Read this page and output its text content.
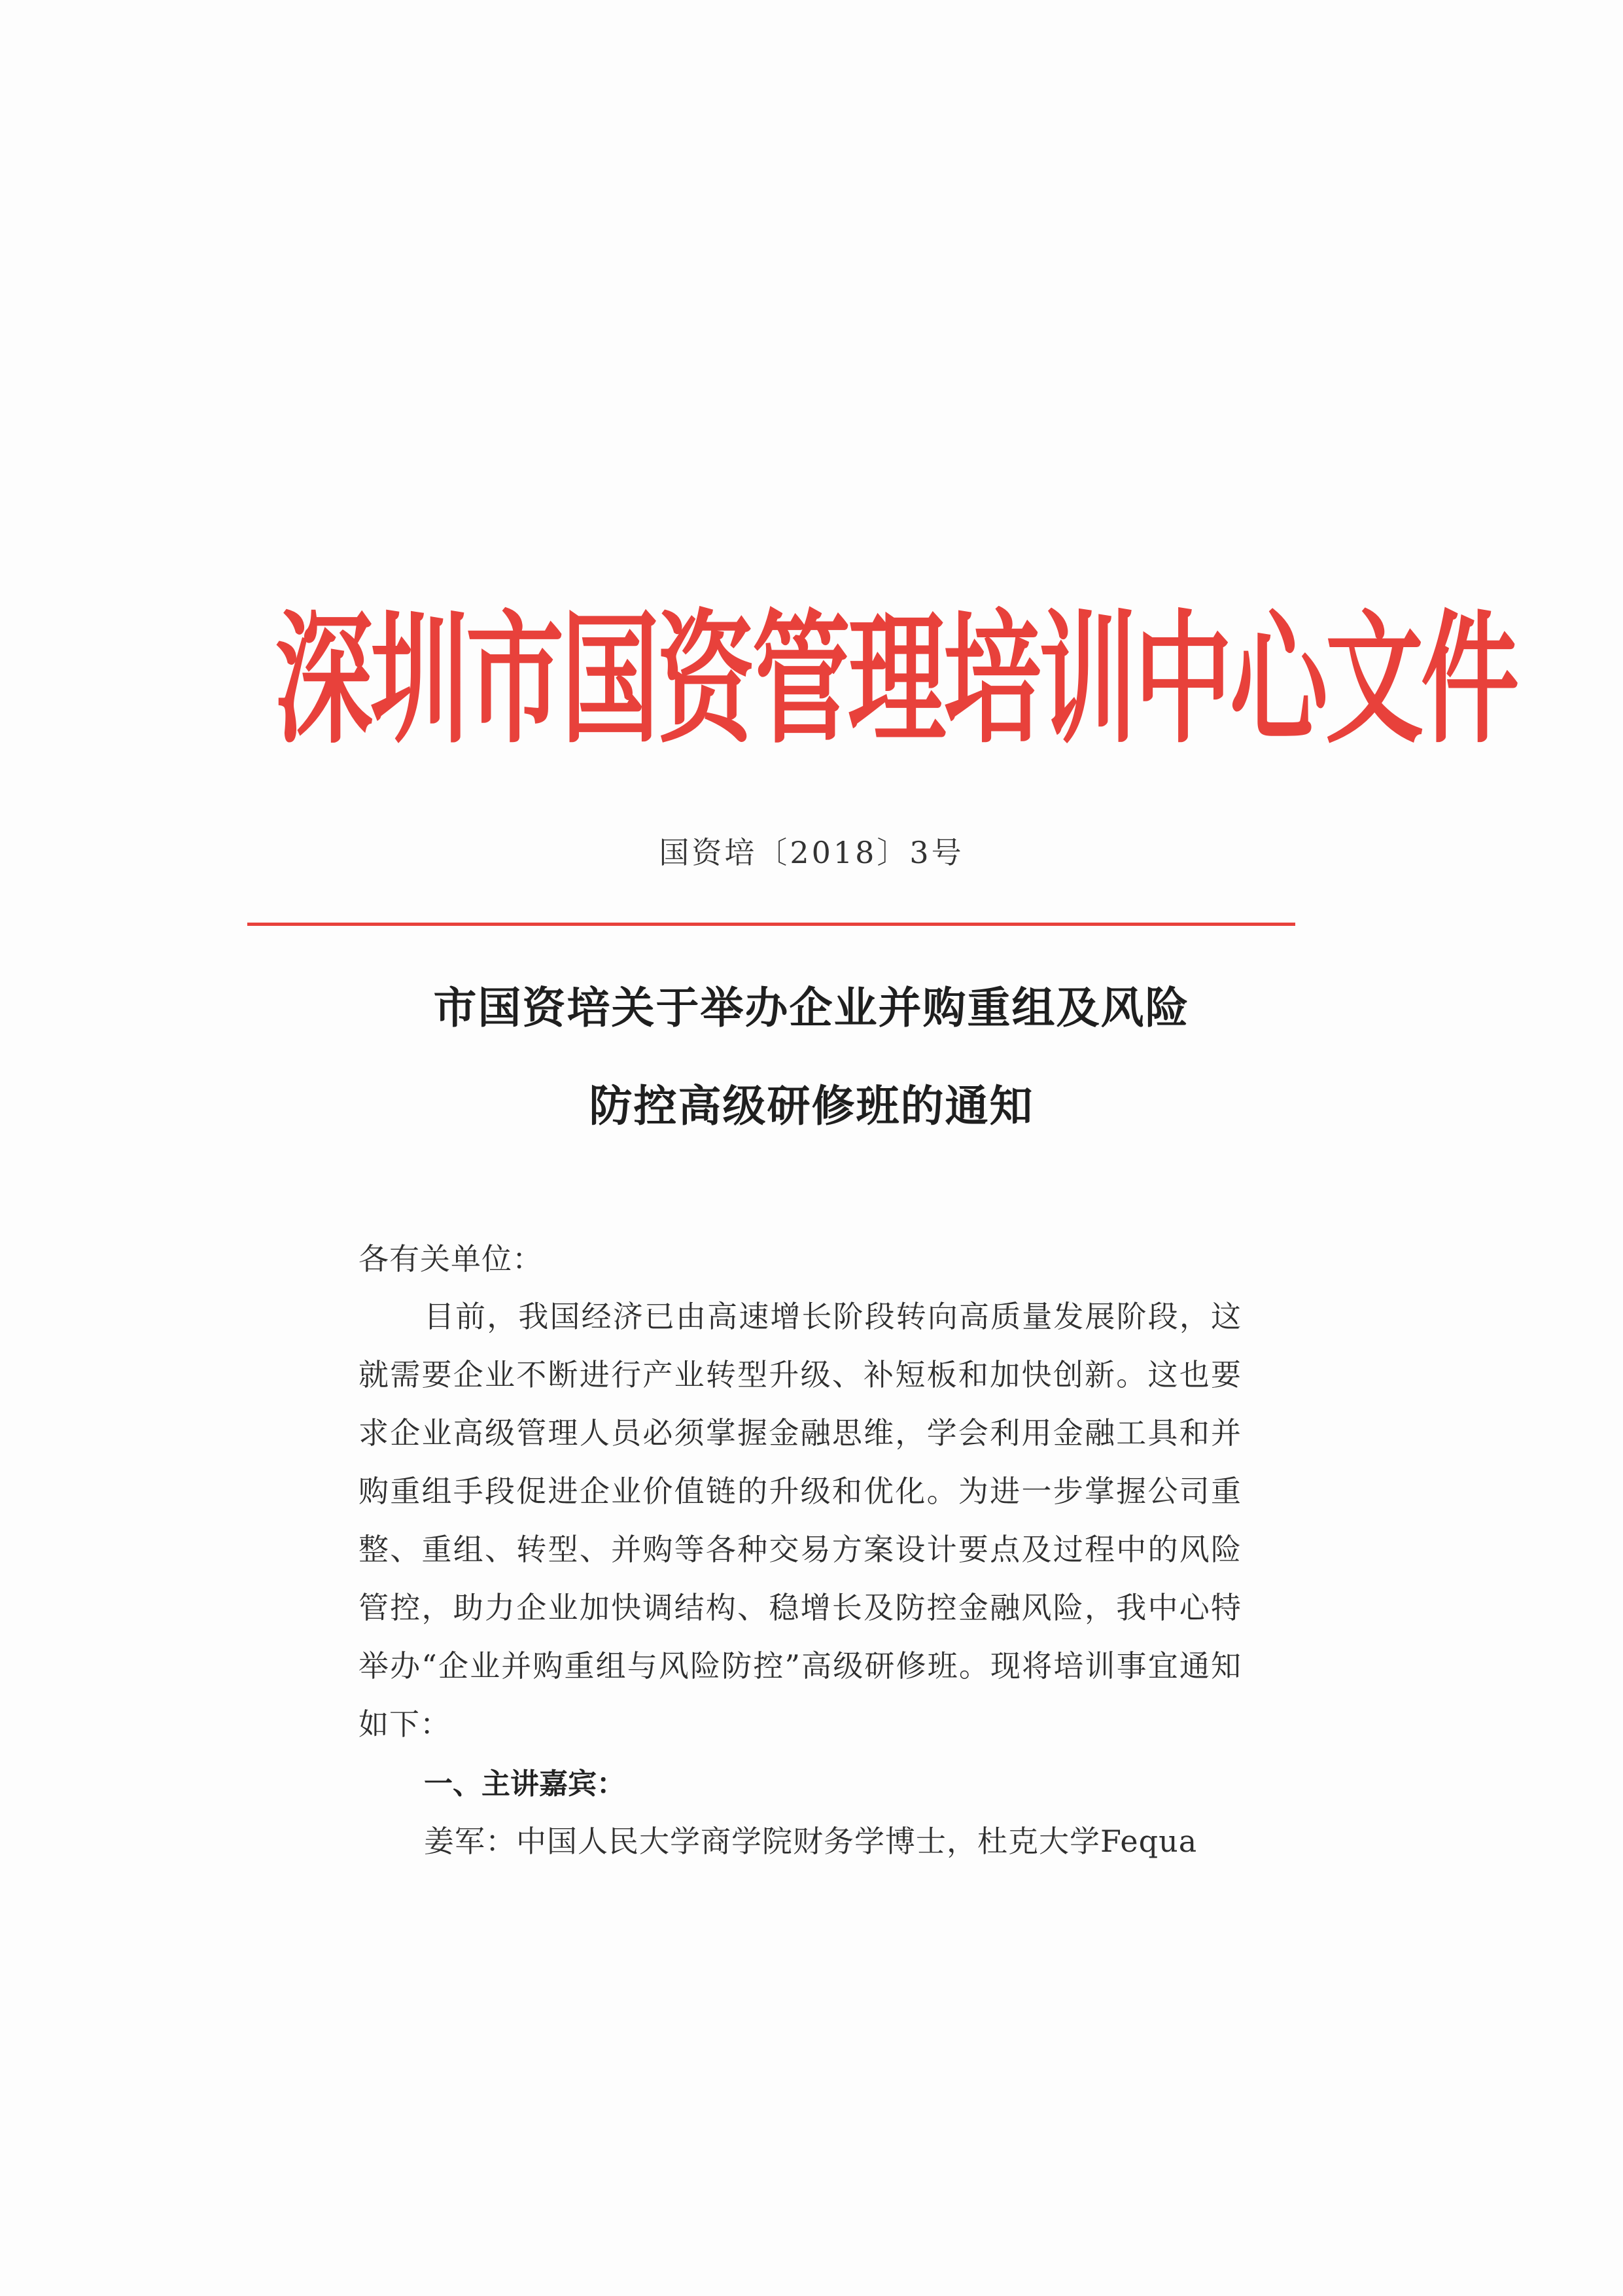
深圳市国资管理培训中心文件
国资培〔2018〕3号
市国资培关于举办企业并购重组及风险
防控高级研修班的通知
各有关单位：
目前，我国经济已由高速增长阶段转向高质量发展阶段，这就需要企业不断进行产业转型升级、补短板和加快创新。这也要求企业高级管理人员必须掌握金融思维，学会利用金融工具和并购重组手段促进企业价值链的升级和优化。为进一步掌握公司重整、重组、转型、并购等各种交易方案设计要点及过程中的风险管控，助力企业加快调结构、稳增长及防控金融风险，我中心特举办“企业并购重组与风险防控”高级研修班。现将培训事宜通知如下：
一、主讲嘉宾：
姜军：中国人民大学商学院财务学博士，杜克大学Fequa
